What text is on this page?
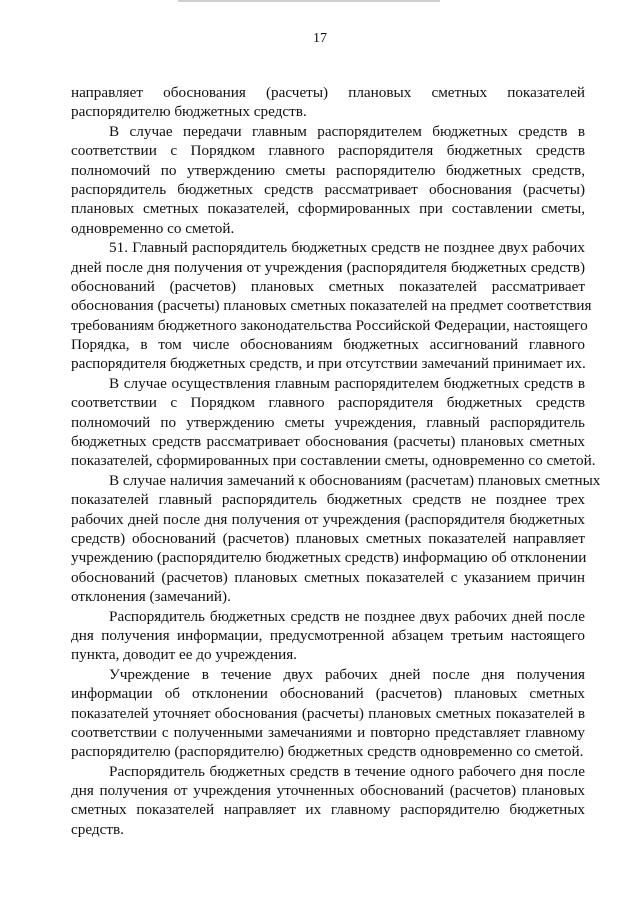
17
направляет обоснования (расчеты) плановых сметных показателей
распорядителю бюджетных средств.
В случае передачи главным распорядителем бюджетных средств в
соответствии с Порядком главного распорядителя бюджетных средств
полномочий по утверждению сметы распорядителю бюджетных средств,
распорядитель бюджетных средств рассматривает обоснования (расчеты)
плановых сметных показателей, сформированных при составлении сметы,
одновременно со сметой.
51. Главный распорядитель бюджетных средств не позднее двух рабочих
дней после дня получения от учреждения (распорядителя бюджетных средств)
обоснований (расчетов) плановых сметных показателей рассматривает
обоснования (расчеты) плановых сметных показателей на предмет соответствия
требованиям бюджетного законодательства Российской Федерации, настоящего
Порядка, в том числе обоснованиям бюджетных ассигнований главного
распорядителя бюджетных средств, и при отсутствии замечаний принимает их.
В случае осуществления главным распорядителем бюджетных средств в
соответствии с Порядком главного распорядителя бюджетных средств
полномочий по утверждению сметы учреждения, главный распорядитель
бюджетных средств рассматривает обоснования (расчеты) плановых сметных
показателей, сформированных при составлении сметы, одновременно со сметой.
В случае наличия замечаний к обоснованиям (расчетам) плановых сметных
показателей главный распорядитель бюджетных средств не позднее трех
рабочих дней после дня получения от учреждения (распорядителя бюджетных
средств) обоснований (расчетов) плановых сметных показателей направляет
учреждению (распорядителю бюджетных средств) информацию об отклонении
обоснований (расчетов) плановых сметных показателей с указанием причин
отклонения (замечаний).
Распорядитель бюджетных средств не позднее двух рабочих дней после
дня получения информации, предусмотренной абзацем третьим настоящего
пункта, доводит ее до учреждения.
Учреждение в течение двух рабочих дней после дня получения
информации об отклонении обоснований (расчетов) плановых сметных
показателей уточняет обоснования (расчеты) плановых сметных показателей в
соответствии с полученными замечаниями и повторно представляет главному
распорядителю (распорядителю) бюджетных средств одновременно со сметой.
Распорядитель бюджетных средств в течение одного рабочего дня после
дня получения от учреждения уточненных обоснований (расчетов) плановых
сметных показателей направляет их главному распорядителю бюджетных
средств.
